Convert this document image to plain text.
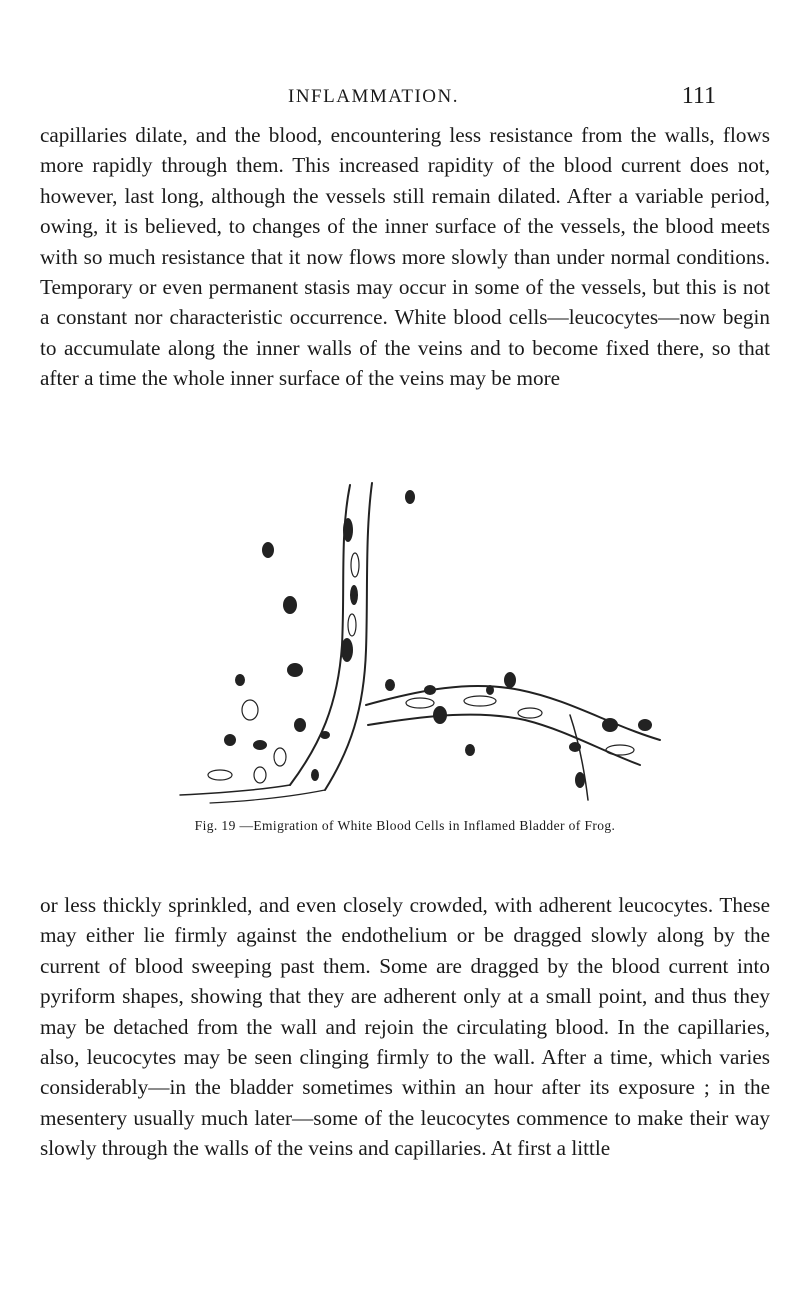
INFLAMMATION.	111

capillaries dilate, and the blood, encountering less resistance from the walls, flows more rapidly through them. This increased rapidity of the blood current does not, however, last long, although the vessels still remain dilated. After a variable period, owing, it is believed, to changes of the inner surface of the vessels, the blood meets with so much resistance that it now flows more slowly than under normal conditions. Temporary or even permanent stasis may occur in some of the vessels, but this is not a constant nor characteristic occurrence. White blood cells—leucocytes—now begin to accumulate along the inner walls of the veins and to become fixed there, so that after a time the whole inner surface of the veins may be more

Fig. 19 —Emigration of White Blood Cells in Inflamed Bladder of Frog.

or less thickly sprinkled, and even closely crowded, with adherent leucocytes. These may either lie firmly against the endothelium or be dragged slowly along by the current of blood sweeping past them. Some are dragged by the blood current into pyriform shapes, showing that they are adherent only at a small point, and thus they may be detached from the wall and rejoin the circulating blood. In the capillaries, also, leucocytes may be seen clinging firmly to the wall. After a time, which varies considerably—in the bladder sometimes within an hour after its exposure ; in the mesentery usually much later—some of the leucocytes commence to make their way slowly through the walls of the veins and capillaries. At first a little
